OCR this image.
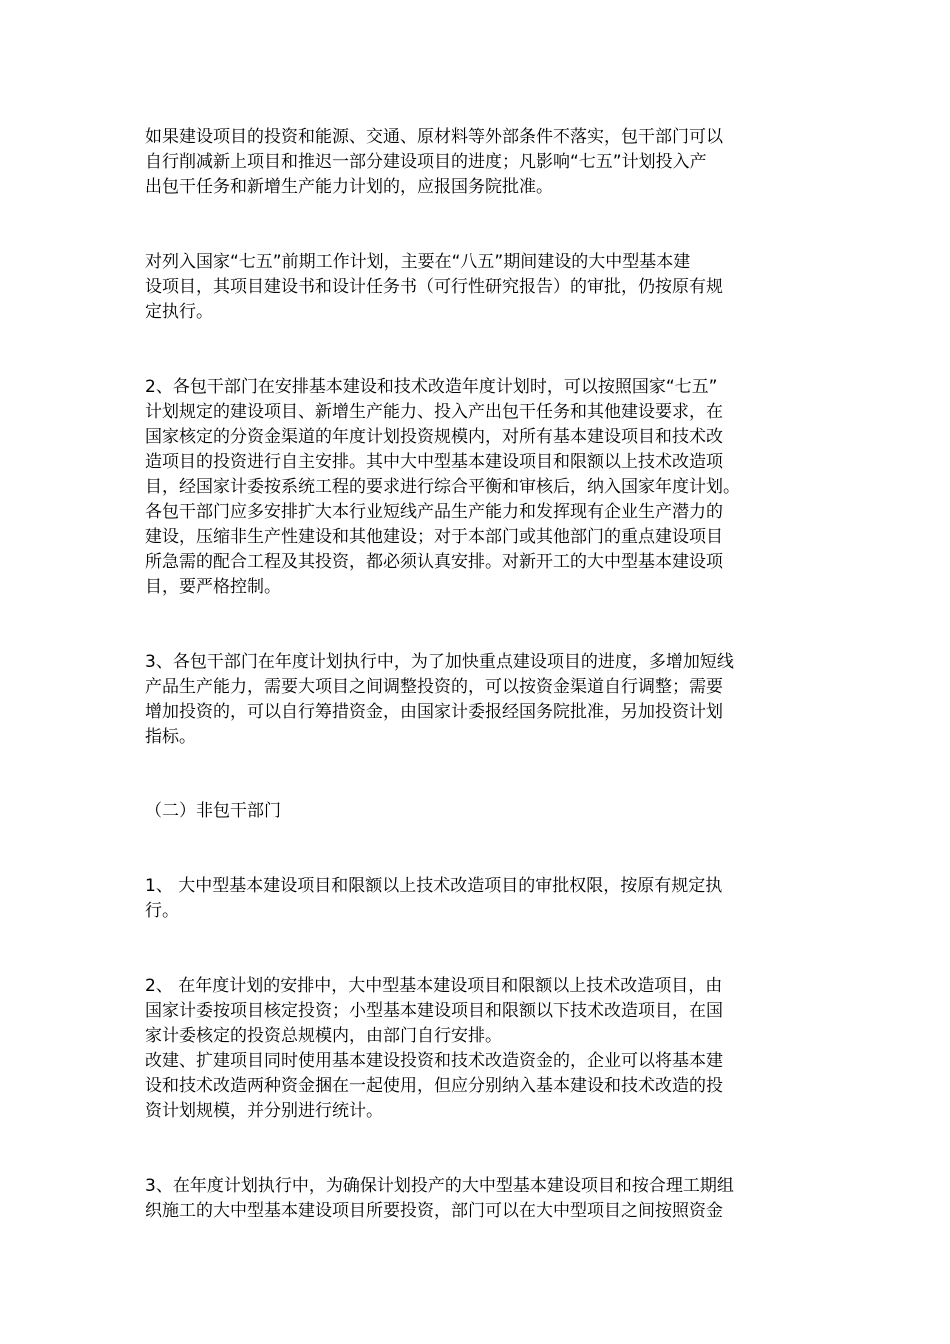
如果建设项目的投资和能源、交通、原材料等外部条件不落实，包干部门可以
自行削减新上项目和推迟一部分建设项目的进度；凡影响“七五”计划投入产
出包干任务和新增生产能力计划的，应报国务院批准。

对列入国家“七五”前期工作计划，主要在“八五”期间建设的大中型基本建
设项目，其项目建设书和设计任务书（可行性研究报告）的审批，仍按原有规
定执行。

2、各包干部门在安排基本建设和技术改造年度计划时，可以按照国家“七五”
计划规定的建设项目、新增生产能力、投入产出包干任务和其他建设要求，在
国家核定的分资金渠道的年度计划投资规模内，对所有基本建设项目和技术改
造项目的投资进行自主安排。其中大中型基本建设项目和限额以上技术改造项
目，经国家计委按系统工程的要求进行综合平衡和审核后，纳入国家年度计划。
各包干部门应多安排扩大本行业短线产品生产能力和发挥现有企业生产潜力的
建设，压缩非生产性建设和其他建设；对于本部门或其他部门的重点建设项目
所急需的配合工程及其投资，都必须认真安排。对新开工的大中型基本建设项
目，要严格控制。

3、各包干部门在年度计划执行中，为了加快重点建设项目的进度，多增加短线
产品生产能力，需要大项目之间调整投资的，可以按资金渠道自行调整；需要
增加投资的，可以自行筹措资金，由国家计委报经国务院批准，另加投资计划
指标。

（二）非包干部门

1、 大中型基本建设项目和限额以上技术改造项目的审批权限，按原有规定执
行。

2、 在年度计划的安排中，大中型基本建设项目和限额以上技术改造项目，由
国家计委按项目核定投资；小型基本建设项目和限额以下技术改造项目，在国
家计委核定的投资总规模内，由部门自行安排。
改建、扩建项目同时使用基本建设投资和技术改造资金的，企业可以将基本建
设和技术改造两种资金捆在一起使用，但应分别纳入基本建设和技术改造的投
资计划规模，并分别进行统计。

3、在年度计划执行中，为确保计划投产的大中型基本建设项目和按合理工期组
织施工的大中型基本建设项目所要投资，部门可以在大中型项目之间按照资金
